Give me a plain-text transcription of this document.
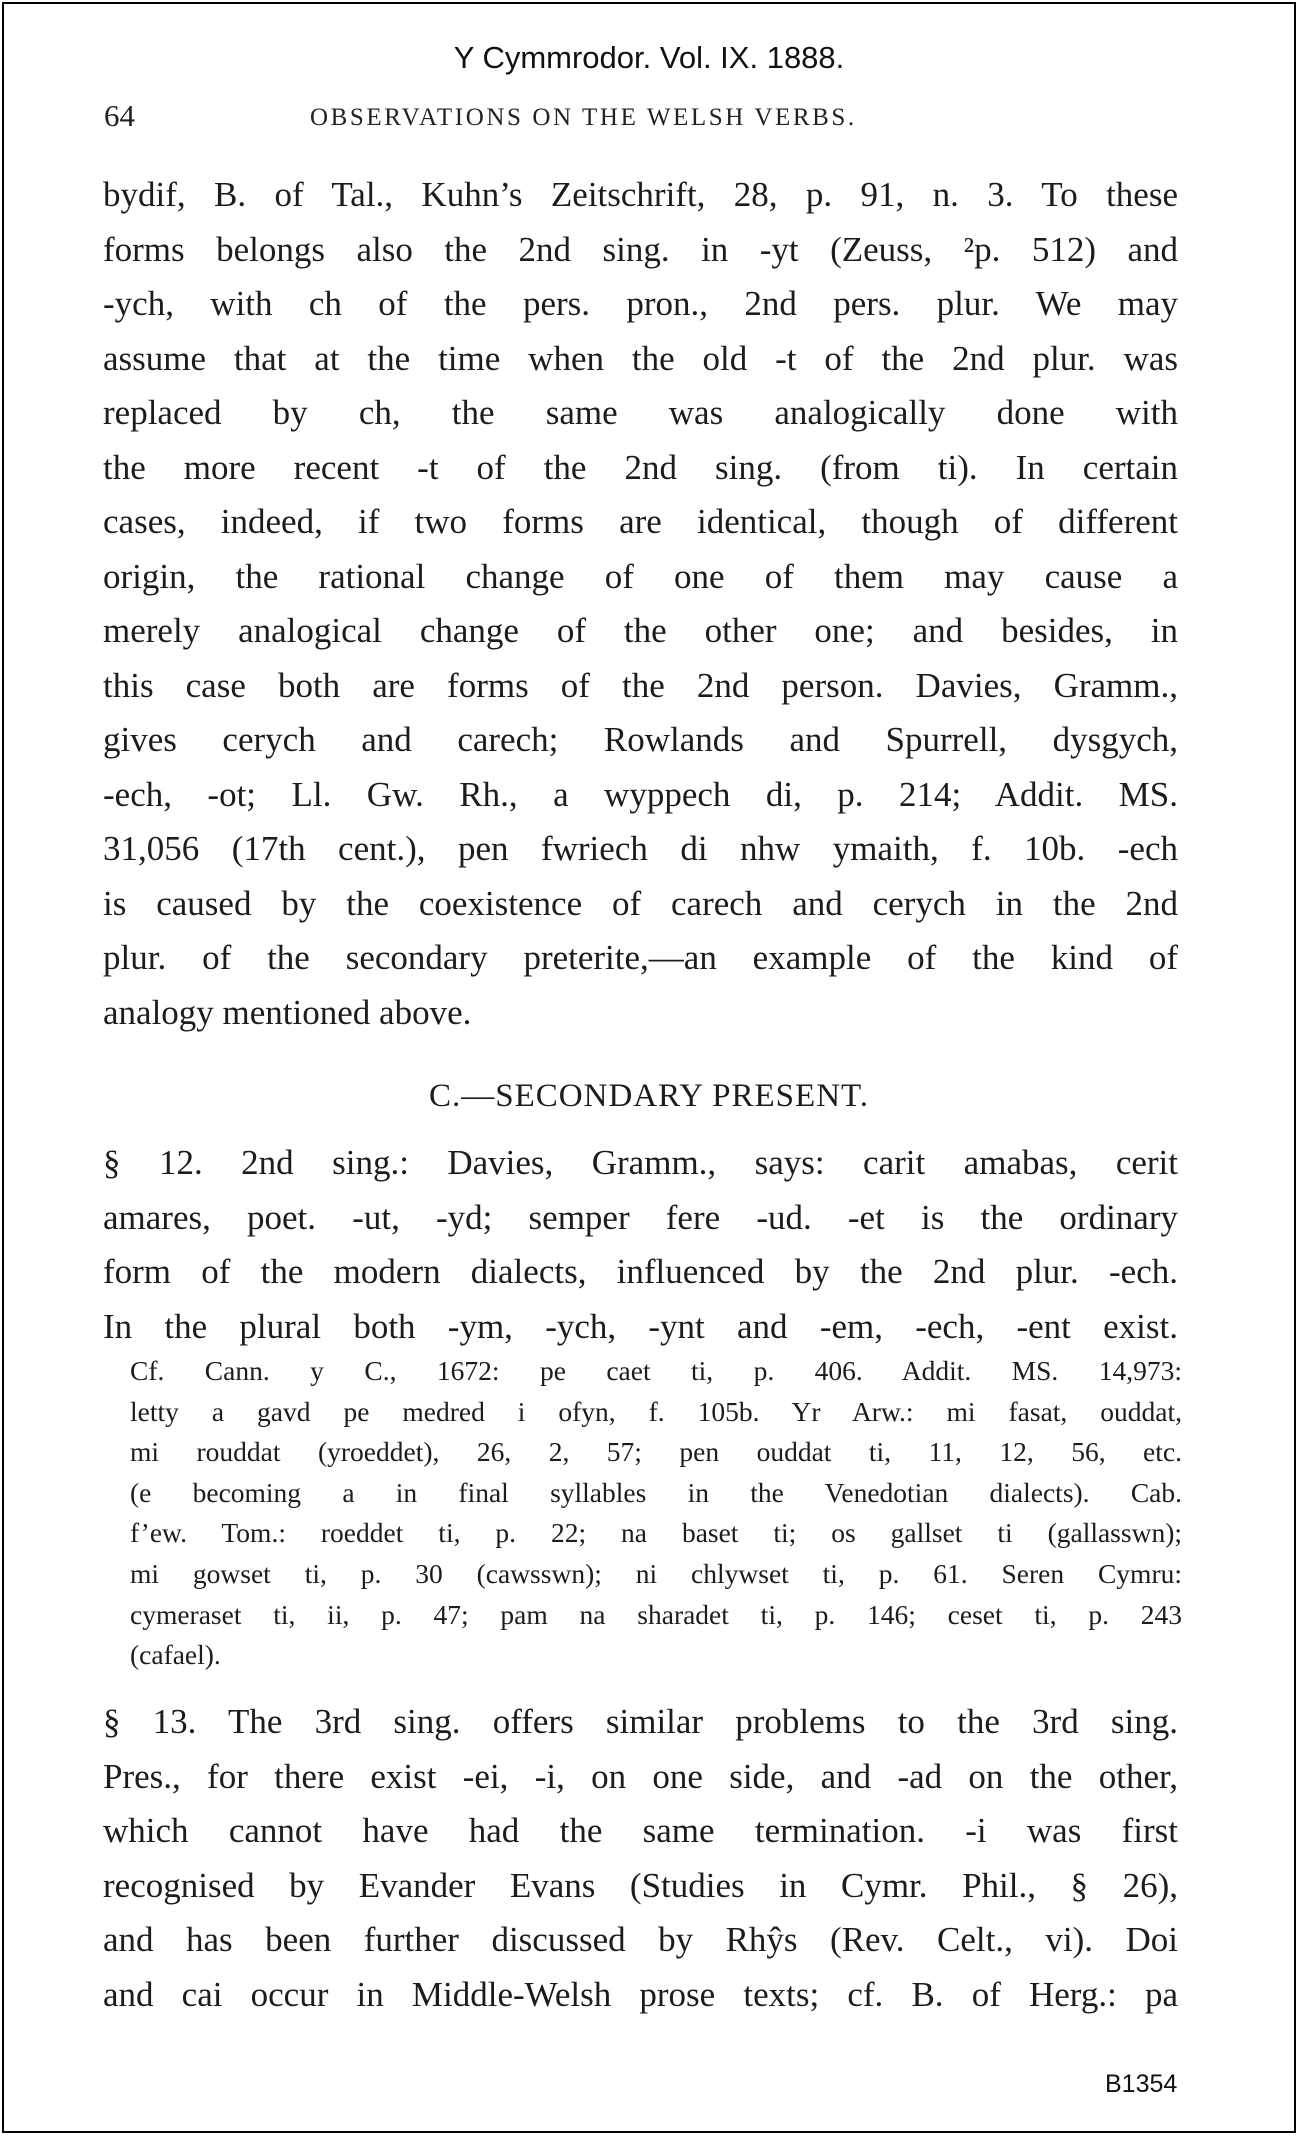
Y Cymmrodor. Vol. IX. 1888.
64	OBSERVATIONS ON THE WELSH VERBS.
bydif, B. of Tal., Kuhn’s Zeitschrift, 28, p. 91, n. 3. To these
forms belongs also the 2nd sing. in -yt (Zeuss, ²p. 512) and
-ych, with ch of the pers. pron., 2nd pers. plur. We may
assume that at the time when the old -t of the 2nd plur. was
replaced by ch, the same was analogically done with
the more recent -t of the 2nd sing. (from ti). In certain
cases, indeed, if two forms are identical, though of different
origin, the rational change of one of them may cause a
merely analogical change of the other one; and besides, in
this case both are forms of the 2nd person. Davies, Gramm.,
gives cerych and carech; Rowlands and Spurrell, dysgych,
-ech, -ot; Ll. Gw. Rh., a wyppech di, p. 214; Addit. MS.
31,056 (17th cent.), pen fwriech di nhw ymaith, f. 10b. -ech
is caused by the coexistence of carech and cerych in the 2nd
plur. of the secondary preterite,—an example of the kind of
analogy mentioned above.
C.—SECONDARY PRESENT.
§ 12. 2nd sing.: Davies, Gramm., says: carit amabas, cerit
amares, poet. -ut, -yd; semper fere -ud. -et is the ordinary
form of the modern dialects, influenced by the 2nd plur. -ech.
In the plural both -ym, -ych, -ynt and -em, -ech, -ent exist.
Cf. Cann. y C., 1672: pe caet ti, p. 406. Addit. MS. 14,973:
letty a gavd pe medred i ofyn, f. 105b. Yr Arw.: mi fasat, ouddat,
mi rouddat (yroeddet), 26, 2, 57; pen ouddat ti, 11, 12, 56, etc.
(e becoming a in final syllables in the Venedotian dialects). Cab.
f’ew. Tom.: roeddet ti, p. 22; na baset ti; os gallset ti (gallasswn);
mi gowset ti, p. 30 (cawsswn); ni chlywset ti, p. 61. Seren Cymru:
cymeraset ti, ii, p. 47; pam na sharadet ti, p. 146; ceset ti, p. 243
(cafael).
§ 13. The 3rd sing. offers similar problems to the 3rd sing.
Pres., for there exist -ei, -i, on one side, and -ad on the other,
which cannot have had the same termination. -i was first
recognised by Evander Evans (Studies in Cymr. Phil., § 26),
and has been further discussed by Rhŷs (Rev. Celt., vi). Doi
and cai occur in Middle-Welsh prose texts; cf. B. of Herg.: pa
B1354
